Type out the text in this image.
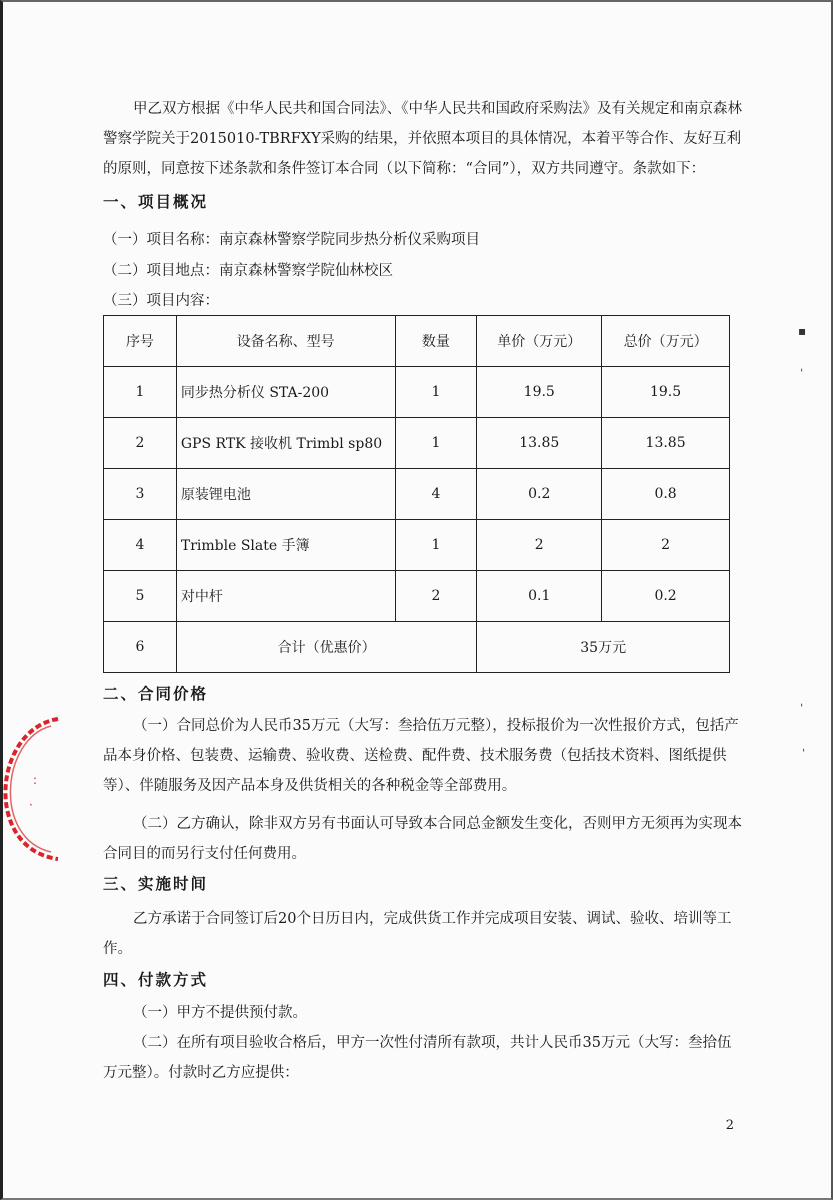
甲乙双方根据《中华人民共和国合同法》、《中华人民共和国政府采购法》及有关规定和南京森林警察学院关于2015010-TBRFXY采购的结果，并依照本项目的具体情况，本着平等合作、友好互利的原则，同意按下述条款和条件签订本合同（以下简称：“合同”），双方共同遵守。条款如下：
一、项目概况
（一）项目名称：南京森林警察学院同步热分析仪采购项目
（二）项目地点：南京森林警察学院仙林校区
（三）项目内容：
序号	设备名称、型号	数量	单价（万元）	总价（万元）
1	同步热分析仪 STA-200	1	19.5	19.5
2	GPS RTK 接收机 Trimbl sp80	1	13.85	13.85
3	原装锂电池	4	0.2	0.8
4	Trimble Slate 手簿	1	2	2
5	对中杆	2	0.1	0.2
6	合计（优惠价）		35万元	
二、合同价格
（一）合同总价为人民币35万元（大写：叁拾伍万元整），投标报价为一次性报价方式，包括产品本身价格、包装费、运输费、验收费、送检费、配件费、技术服务费（包括技术资料、图纸提供等）、伴随服务及因产品本身及供货相关的各种税金等全部费用。
（二）乙方确认，除非双方另有书面认可导致本合同总金额发生变化，否则甲方无须再为实现本合同目的而另行支付任何费用。
三、实施时间
乙方承诺于合同签订后20个日历日内，完成供货工作并完成项目安装、调试、验收、培训等工作。
四、付款方式
（一）甲方不提供预付款。
（二）在所有项目验收合格后，甲方一次性付清所有款项，共计人民币35万元（大写：叁拾伍万元整）。付款时乙方应提供：
2
:
·
▪
ˈ
ˈ
ˈ
